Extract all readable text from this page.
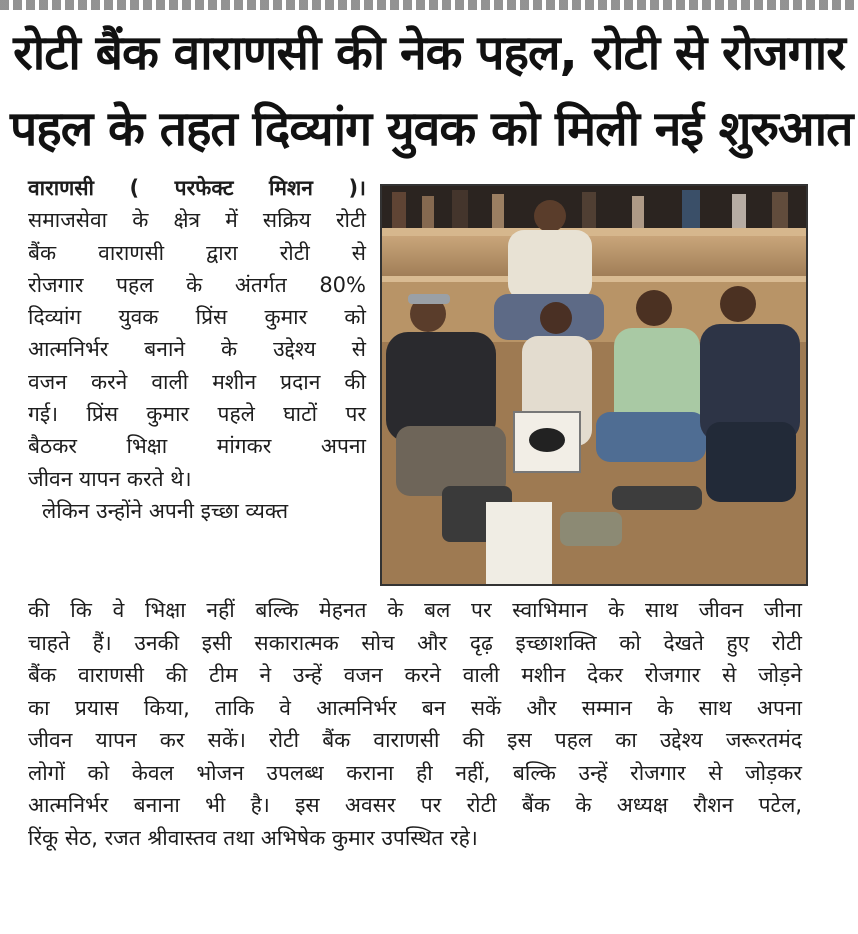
रोटी बैंक वाराणसी की नेक पहल, रोटी से रोजगार
पहल के तहत दिव्यांग युवक को मिली नई शुरुआत
वाराणसी ( परफेक्ट मिशन )।
समाजसेवा के क्षेत्र में सक्रिय रोटी
बैंक वाराणसी द्वारा रोटी से
रोजगार पहल के अंतर्गत 80%
दिव्यांग युवक प्रिंस कुमार को
आत्मनिर्भर बनाने के उद्देश्य से
वजन करने वाली मशीन प्रदान की
गई। प्रिंस कुमार पहले घाटों पर
बैठकर भिक्षा मांगकर अपना
जीवन यापन करते थे।
लेकिन उन्होंने अपनी इच्छा व्यक्त
की कि वे भिक्षा नहीं बल्कि मेहनत के बल पर स्वाभिमान के साथ जीवन जीना
चाहते हैं। उनकी इसी सकारात्मक सोच और दृढ़ इच्छाशक्ति को देखते हुए रोटी
बैंक वाराणसी की टीम ने उन्हें वजन करने वाली मशीन देकर रोजगार से जोड़ने
का प्रयास किया, ताकि वे आत्मनिर्भर बन सकें और सम्मान के साथ अपना
जीवन यापन कर सकें। रोटी बैंक वाराणसी की इस पहल का उद्देश्य जरूरतमंद
लोगों को केवल भोजन उपलब्ध कराना ही नहीं, बल्कि उन्हें रोजगार से जोड़कर
आत्मनिर्भर बनाना भी है। इस अवसर पर रोटी बैंक के अध्यक्ष रौशन पटेल,
रिंकू सेठ, रजत श्रीवास्तव तथा अभिषेक कुमार उपस्थित रहे।
